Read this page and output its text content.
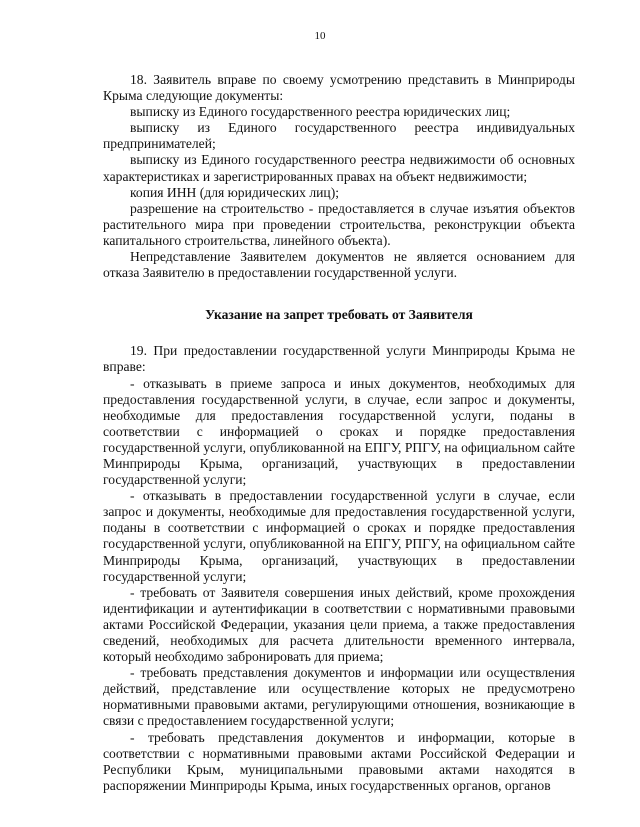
10

18. Заявитель вправе по своему усмотрению представить в Минприроды Крыма следующие документы:

выписку из Единого государственного реестра юридических лиц;

выписку из Единого государственного реестра индивидуальных предпринимателей;

выписку из Единого государственного реестра недвижимости об основных характеристиках и зарегистрированных правах на объект недвижимости;

копия ИНН (для юридических лиц);

разрешение на строительство - предоставляется в случае изъятия объектов растительного мира при проведении строительства, реконструкции объекта капитального строительства, линейного объекта).

Непредставление Заявителем документов не является основанием для отказа Заявителю в предоставлении государственной услуги.

Указание на запрет требовать от Заявителя

19. При предоставлении государственной услуги Минприроды Крыма не вправе:

- отказывать в приеме запроса и иных документов, необходимых для предоставления государственной услуги, в случае, если запрос и документы, необходимые для предоставления государственной услуги, поданы в соответствии с информацией о сроках и порядке предоставления государственной услуги, опубликованной на ЕПГУ, РПГУ, на официальном сайте Минприроды Крыма, организаций, участвующих в предоставлении государственной услуги;

- отказывать в предоставлении государственной услуги в случае, если запрос и документы, необходимые для предоставления государственной услуги, поданы в соответствии с информацией о сроках и порядке предоставления государственной услуги, опубликованной на ЕПГУ, РПГУ, на официальном сайте Минприроды Крыма, организаций, участвующих в предоставлении государственной услуги;

- требовать от Заявителя совершения иных действий, кроме прохождения идентификации и аутентификации в соответствии с нормативными правовыми актами Российской Федерации, указания цели приема, а также предоставления сведений, необходимых для расчета длительности временного интервала, который необходимо забронировать для приема;

- требовать представления документов и информации или осуществления действий, представление или осуществление которых не предусмотрено нормативными правовыми актами, регулирующими отношения, возникающие в связи с предоставлением государственной услуги;

- требовать представления документов и информации, которые в соответствии с нормативными правовыми актами Российской Федерации и Республики Крым, муниципальными правовыми актами находятся в распоряжении Минприроды Крыма, иных государственных органов, органов
